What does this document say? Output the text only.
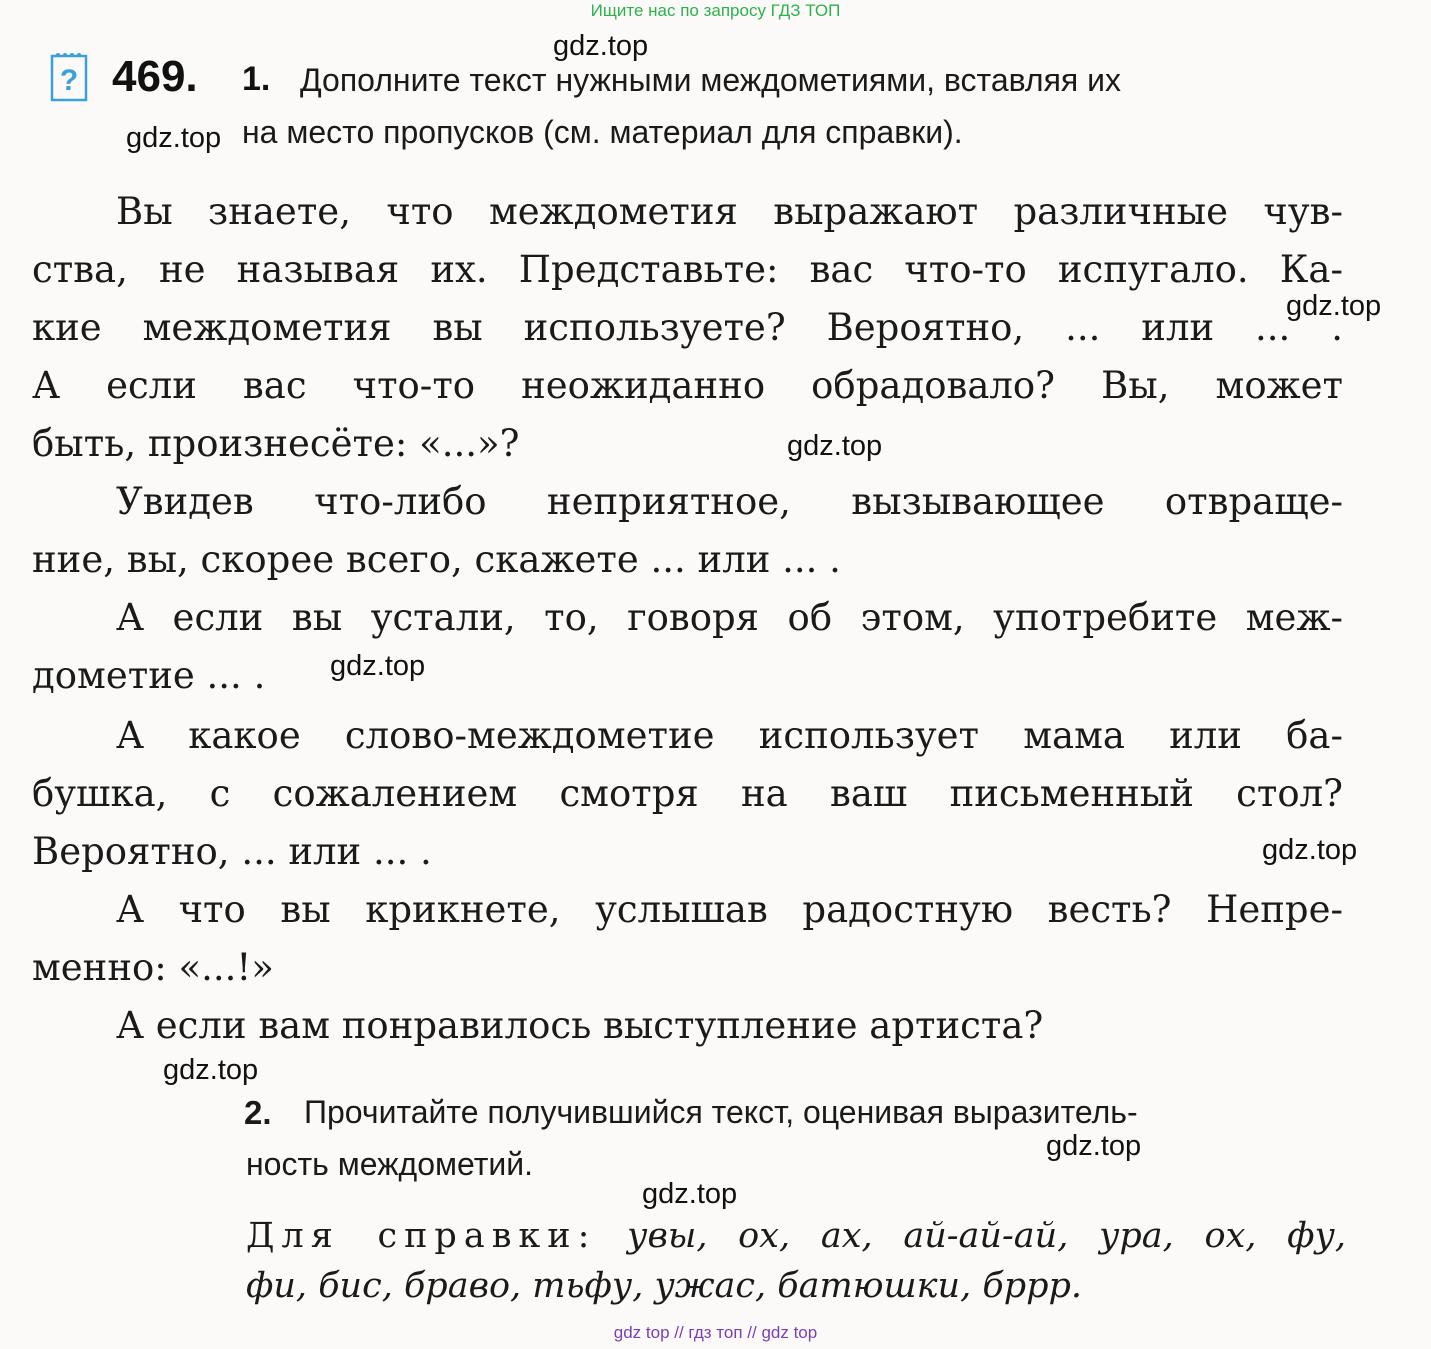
Ищите нас по запросу ГДЗ ТОП
? 469. 1. Дополните текст нужными междометиями, вставляя их
на место пропусков (см. материал для справки).
Вы знаете, что междометия выражают различные чув-
ства, не называя их. Представьте: вас что-то испугало. Ка-
кие междометия вы используете? Вероятно, ... или ... .
А если вас что-то неожиданно обрадовало? Вы, может
быть, произнесёте: «...»?
Увидев что-либо неприятное, вызывающее отвраще-
ние, вы, скорее всего, скажете ... или ... .
А если вы устали, то, говоря об этом, употребите меж-
дометие ... .
А какое слово-междометие использует мама или ба-
бушка, с сожалением смотря на ваш письменный стол?
Вероятно, ... или ... .
А что вы крикнете, услышав радостную весть? Непре-
менно: «...!»
А если вам понравилось выступление артиста?
2. Прочитайте получившийся текст, оценивая выразитель-
ность междометий.
Для справки: увы, ох, ах, ай-ай-ай, ура, ох, фу,
фи, бис, браво, тьфу, ужас, батюшки, бррр.
gdz.top
gdz.top
gdz.top
gdz.top
gdz.top
gdz.top
gdz.top
gdz.top
gdz.top
gdz top // гдз топ // gdz top
